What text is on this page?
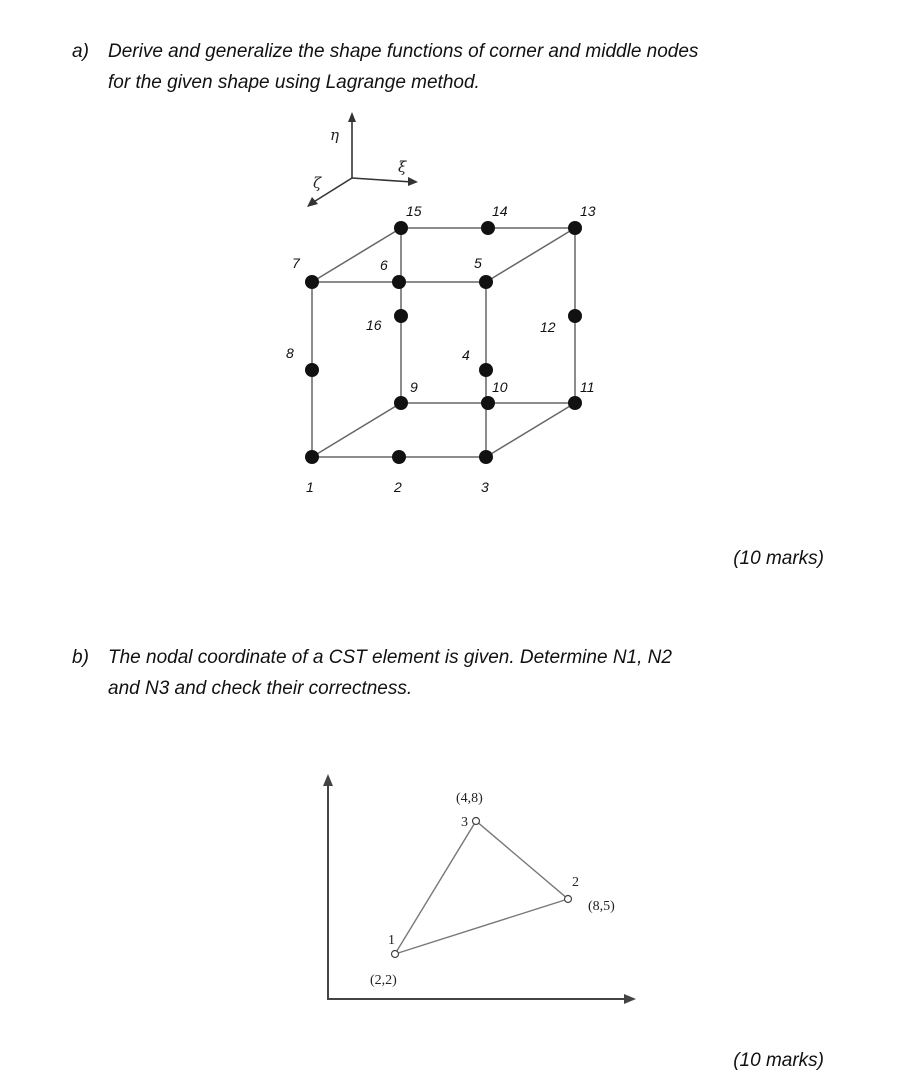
a) Derive and generalize the shape functions of corner and middle nodes

for the given shape using Lagrange method.

η
ξ
ζ
1	2	3
4
5
6
7
8
9	10	11
12
13
14
15
16
(10 marks)
b) The nodal coordinate of a CST element is given. Determine N1, N2

and N3 and check their correctness.

1
(2,2)
2
(8,5)
3
(4,8)
(10 marks)
